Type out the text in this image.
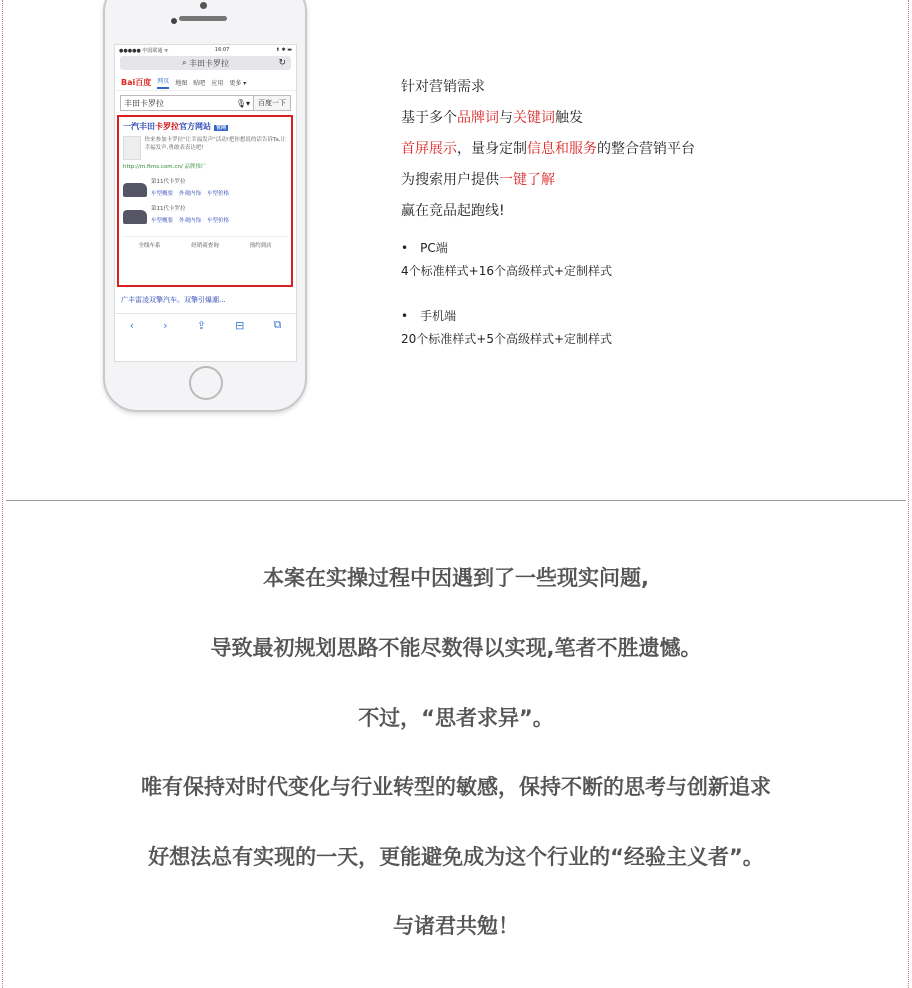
●●●●● 中国联通 ᯤ	16:07	⬆ ✱ ▬
⌕ 丰田卡罗拉	↻
Bai百度 网页 地图 贴吧 应用 更多 ▾
丰田卡罗拉	🎙▾	百度一下
一汽丰田卡罗拉官方网站 官网
快来参加卡罗拉"让幸福发声"活动!把你想说的话告诉Ta,让幸福发声,勇敢表表达吧!
http://m.ftms.com.cn/ 品牌推广
第11代卡罗拉
车型概要 外观内饰 车型价格
第11代卡罗拉
车型概要 外观内饰 车型价格
全线车系	经销商查询	预约到店
广丰雷凌双擎汽车。双擎引爆潮...
‹	›	⇪	⊟	⧉
针对营销需求
基于多个品牌词与关键词触发
首屏展示，量身定制信息和服务的整合营销平台
为搜索用户提供一键了解
赢在竞品起跑线!
• PC端
4个标准样式+16个高级样式+定制样式
• 手机端
20个标准样式+5个高级样式+定制样式
本案在实操过程中因遇到了一些现实问题,
导致最初规划思路不能尽数得以实现,笔者不胜遗憾。
不过，“思者求异”。
唯有保持对时代变化与行业转型的敏感，保持不断的思考与创新追求
好想法总有实现的一天，更能避免成为这个行业的“经验主义者”。
与诸君共勉！
